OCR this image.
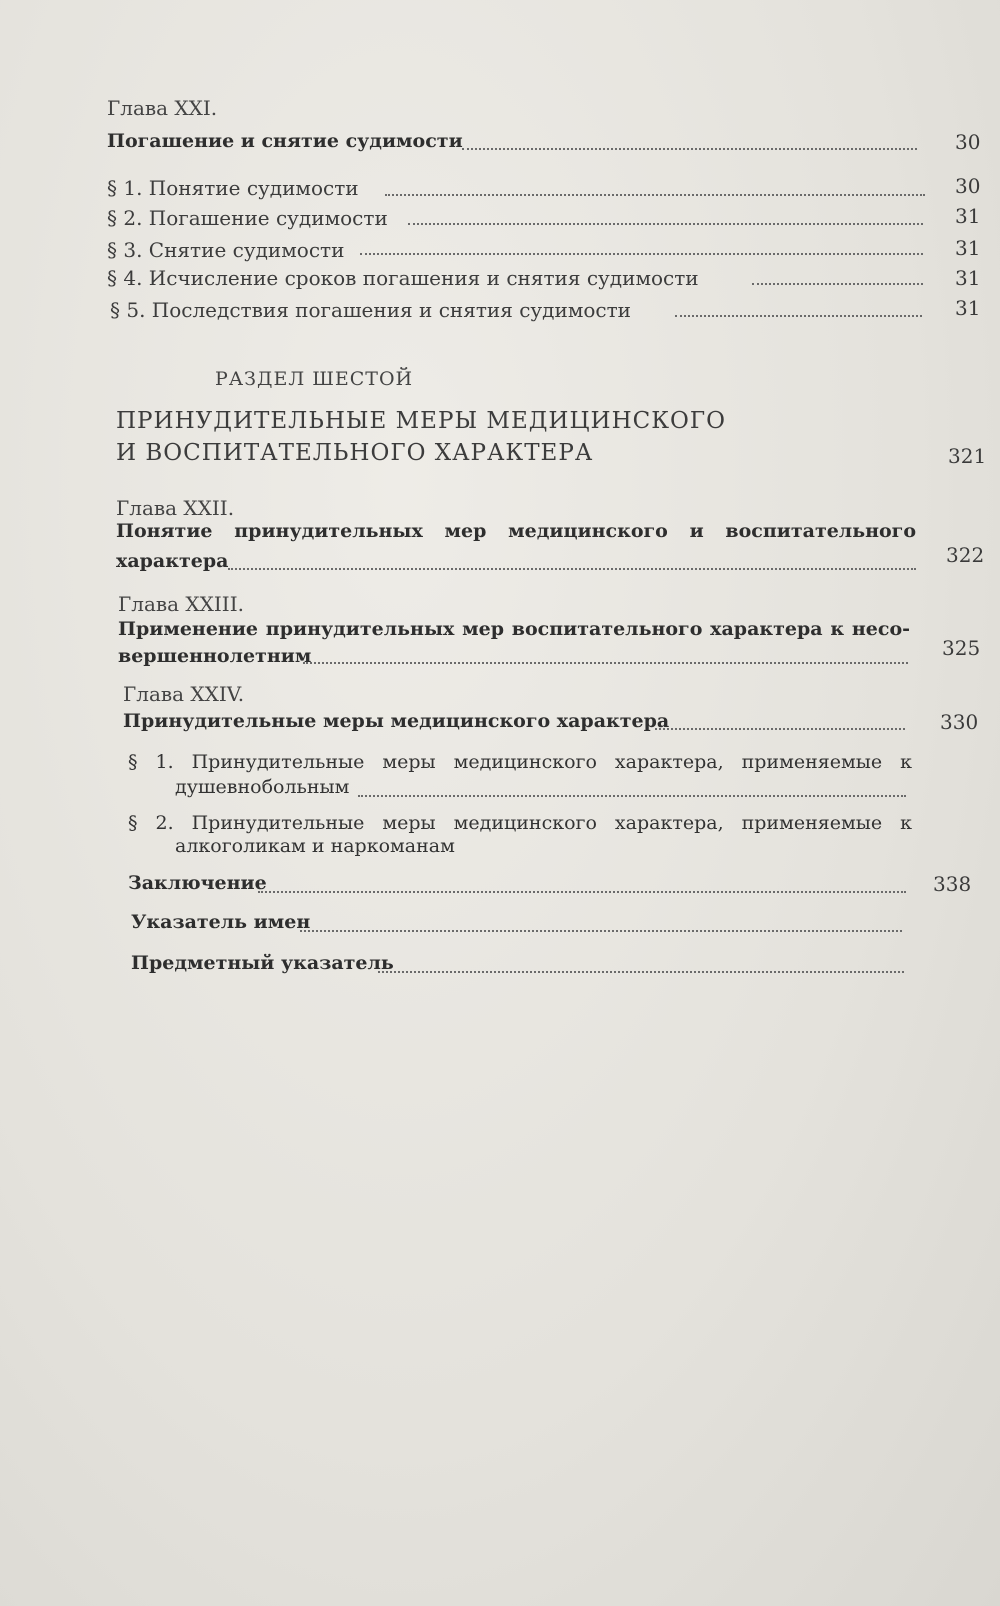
Глава XXI.
Погашение и снятие судимости	30
§ 1. Понятие судимости	30
§ 2. Погашение судимости	31
§ 3. Снятие судимости	31
§ 4. Исчисление сроков погашения и снятия судимости	31
§ 5. Последствия погашения и снятия судимости	31
РАЗДЕЛ ШЕСТОЙ
ПРИНУДИТЕЛЬНЫЕ МЕРЫ МЕДИЦИНСКОГО
И ВОСПИТАТЕЛЬНОГО ХАРАКТЕРА	321
Глава XXII.
Понятие принудительных мер медицинского и воспитательного
характера	322
Глава XXIII.
Применение принудительных мер воспитательного характера к несо-
вершеннолетним	325
Глава XXIV.
Принудительные меры медицинского характера	330
§ 1. Принудительные меры медицинского характера, применяемые к
душевнобольным
§ 2. Принудительные меры медицинского характера, применяемые к
алкоголикам и наркоманам
Заключение	338
Указатель имен
Предметный указатель
